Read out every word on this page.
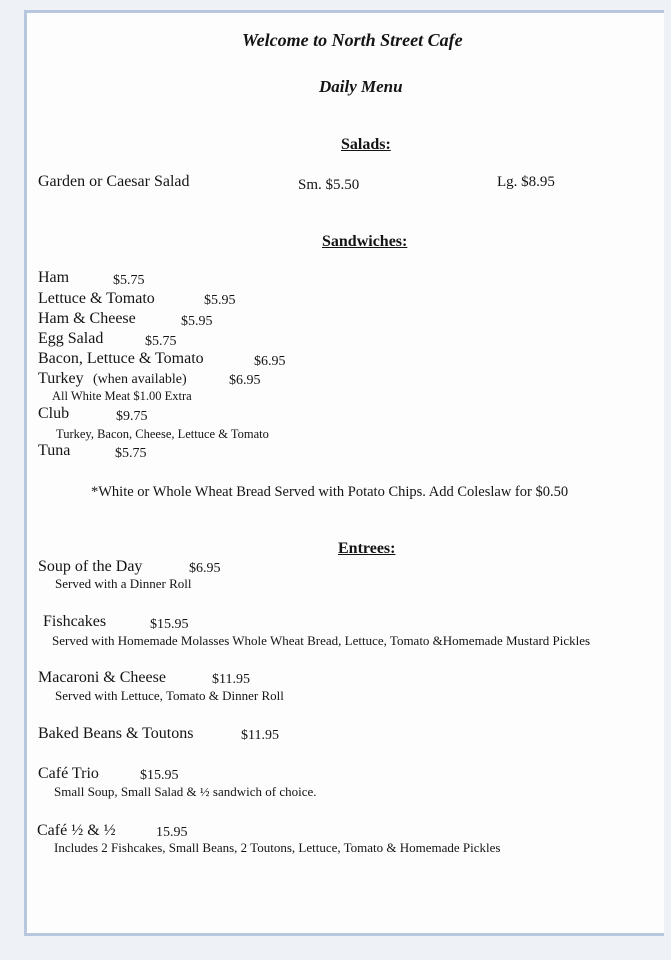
Welcome to North Street Cafe
Daily Menu
Salads:
Garden or Caesar Salad	Sm. $5.50	Lg. $8.95
Sandwiches:
Ham	$5.75
Lettuce & Tomato	$5.95
Ham & Cheese	$5.95
Egg Salad	$5.75
Bacon, Lettuce & Tomato	$6.95
Turkey (when available)	$6.95
All White Meat $1.00 Extra
Club	$9.75
Turkey, Bacon, Cheese, Lettuce & Tomato
Tuna	$5.75
*White or Whole Wheat Bread Served with Potato Chips. Add Coleslaw for $0.50
Entrees:
Soup of the Day	$6.95
Served with a Dinner Roll
Fishcakes	$15.95
Served with Homemade Molasses Whole Wheat Bread, Lettuce, Tomato &Homemade Mustard Pickles
Macaroni & Cheese	$11.95
Served with Lettuce, Tomato & Dinner Roll
Baked Beans & Toutons	$11.95
Café Trio	$15.95
Small Soup, Small Salad & ½ sandwich of choice.
Café ½ & ½	15.95
Includes 2 Fishcakes, Small Beans, 2 Toutons, Lettuce, Tomato & Homemade Pickles
